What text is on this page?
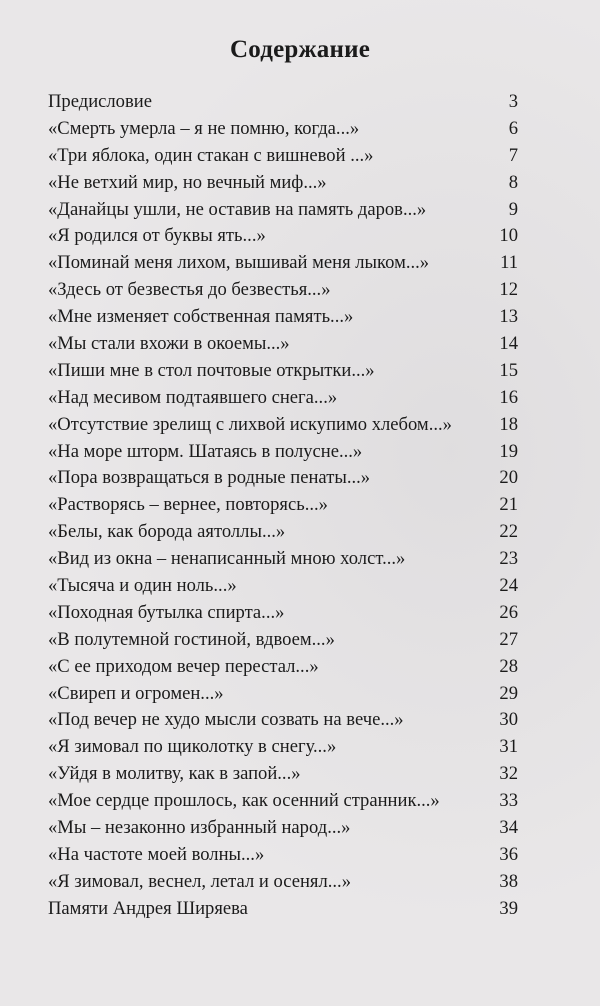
Содержание
Предисловие	3
«Смерть умерла – я не помню, когда...»	6
«Три яблока, один стакан с вишневой ...»	7
«Не ветхий мир, но вечный миф...»	8
«Данайцы ушли, не оставив на память даров...»	9
«Я родился от буквы ять...»	10
«Поминай меня лихом, вышивай меня лыком...»	11
«Здесь от безвестья до безвестья...»	12
«Мне изменяет собственная память...»	13
«Мы стали вхожи в окоемы...»	14
«Пиши мне в стол почтовые открытки...»	15
«Над месивом подтаявшего снега...»	16
«Отсутствие зрелищ с лихвой искупимо хлебом...»	18
«На море шторм. Шатаясь в полусне...»	19
«Пора возвращаться в родные пенаты...»	20
«Растворясь – вернее, повторясь...»	21
«Белы, как борода аятоллы...»	22
«Вид из окна – ненаписанный мною холст...»	23
«Тысяча и один ноль...»	24
«Походная бутылка спирта...»	26
«В полутемной гостиной, вдвоем...»	27
«С ее приходом вечер перестал...»	28
«Свиреп и огромен...»	29
«Под вечер не худо мысли созвать на вече...»	30
«Я зимовал по щиколотку в снегу...»	31
«Уйдя в молитву, как в запой...»	32
«Мое сердце прошлось, как осенний странник...»	33
«Мы – незаконно избранный народ...»	34
«На частоте моей волны...»	36
«Я зимовал, веснел, летал и осенял...»	38
Памяти Андрея Ширяева	39
